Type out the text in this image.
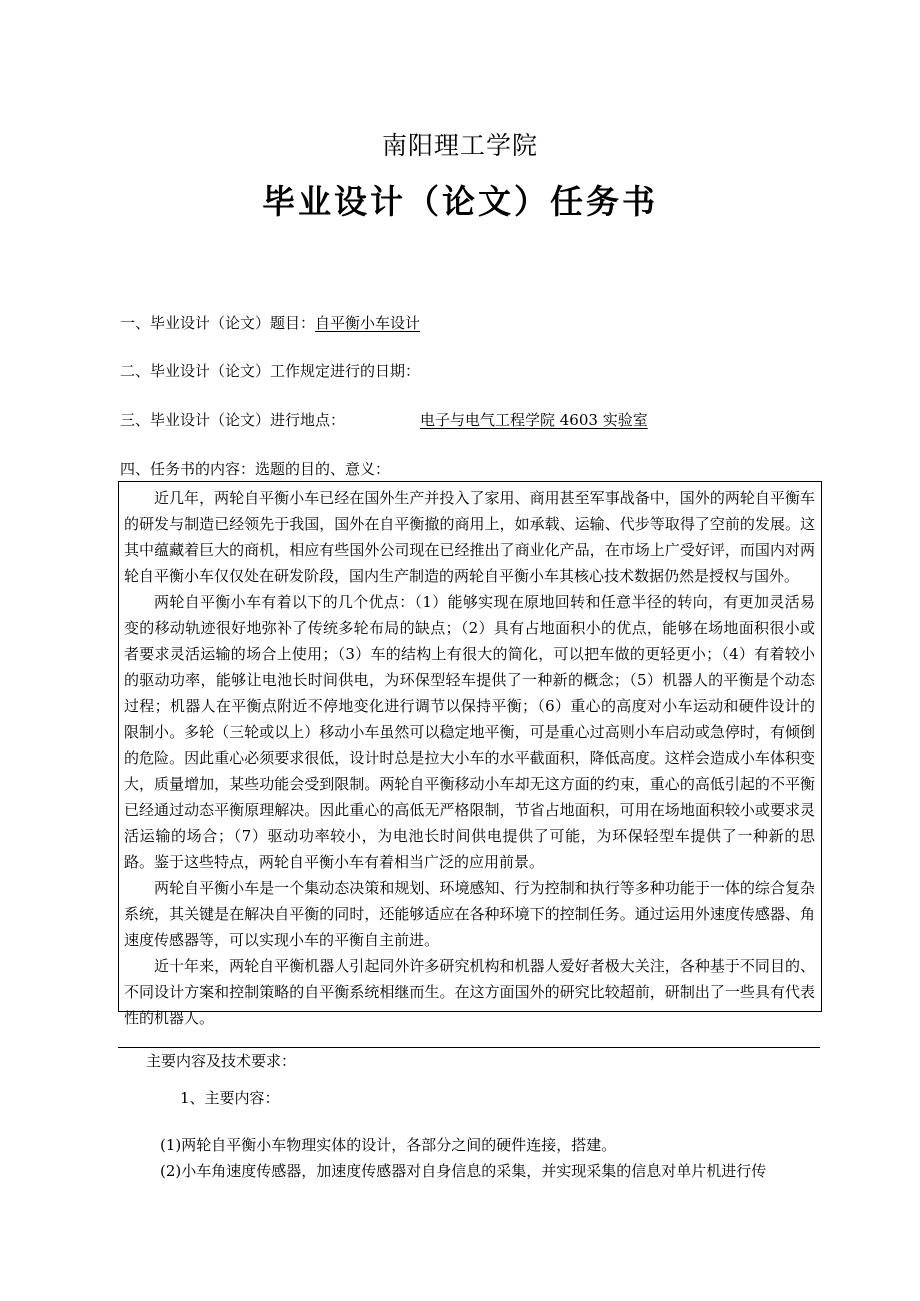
南阳理工学院
毕业设计（论文）任务书
一、毕业设计（论文）题目：自平衡小车设计
二、毕业设计（论文）工作规定进行的日期：
三、毕业设计（论文）进行地点：	电子与电气工程学院 4603 实验室
四、任务书的内容：选题的目的、意义：

近几年，两轮自平衡小车已经在国外生产并投入了家用、商用甚至军事战备中，国外的两轮自平衡车的研发与制造已经领先于我国，国外在自平衡撤的商用上，如承载、运输、代步等取得了空前的发展。这其中蕴藏着巨大的商机，相应有些国外公司现在已经推出了商业化产品，在市场上广受好评，而国内对两轮自平衡小车仅仅处在研发阶段，国内生产制造的两轮自平衡小车其核心技术数据仍然是授权与国外。

两轮自平衡小车有着以下的几个优点：（1）能够实现在原地回转和任意半径的转向，有更加灵活易变的移动轨迹很好地弥补了传统多轮布局的缺点；（2）具有占地面积小的优点，能够在场地面积很小或者要求灵活运输的场合上使用；（3）车的结构上有很大的简化，可以把车做的更轻更小；（4）有着较小的驱动功率，能够让电池长时间供电，为环保型轻车提供了一种新的概念；（5）机器人的平衡是个动态过程；机器人在平衡点附近不停地变化进行调节以保持平衡；（6）重心的高度对小车运动和硬件设计的限制小。多轮（三轮或以上）移动小车虽然可以稳定地平衡，可是重心过高则小车启动或急停时，有倾倒的危险。因此重心必须要求很低，设计时总是拉大小车的水平截面积，降低高度。这样会造成小车体积变大，质量增加，某些功能会受到限制。两轮自平衡移动小车却无这方面的约束，重心的高低引起的不平衡已经通过动态平衡原理解决。因此重心的高低无严格限制，节省占地面积，可用在场地面积较小或要求灵活运输的场合；（7）驱动功率较小，为电池长时间供电提供了可能，为环保轻型车提供了一种新的思路。鉴于这些特点，两轮自平衡小车有着相当广泛的应用前景。

两轮自平衡小车是一个集动态决策和规划、环境感知、行为控制和执行等多种功能于一体的综合复杂系统，其关键是在解决自平衡的同时，还能够适应在各种环境下的控制任务。通过运用外速度传感器、角速度传感器等，可以实现小车的平衡自主前进。

近十年来，两轮自平衡机器人引起同外许多研究机构和机器人爱好者极大关注，各种基于不同目的、不同设计方案和控制策略的自平衡系统相继而生。在这方面国外的研究比较超前，研制出了一些具有代表性的机器人。

主要内容及技术要求：
1、主要内容：
(1)两轮自平衡小车物理实体的设计，各部分之间的硬件连接，搭建。
(2)小车角速度传感器，加速度传感器对自身信息的采集，并实现采集的信息对单片机进行传
